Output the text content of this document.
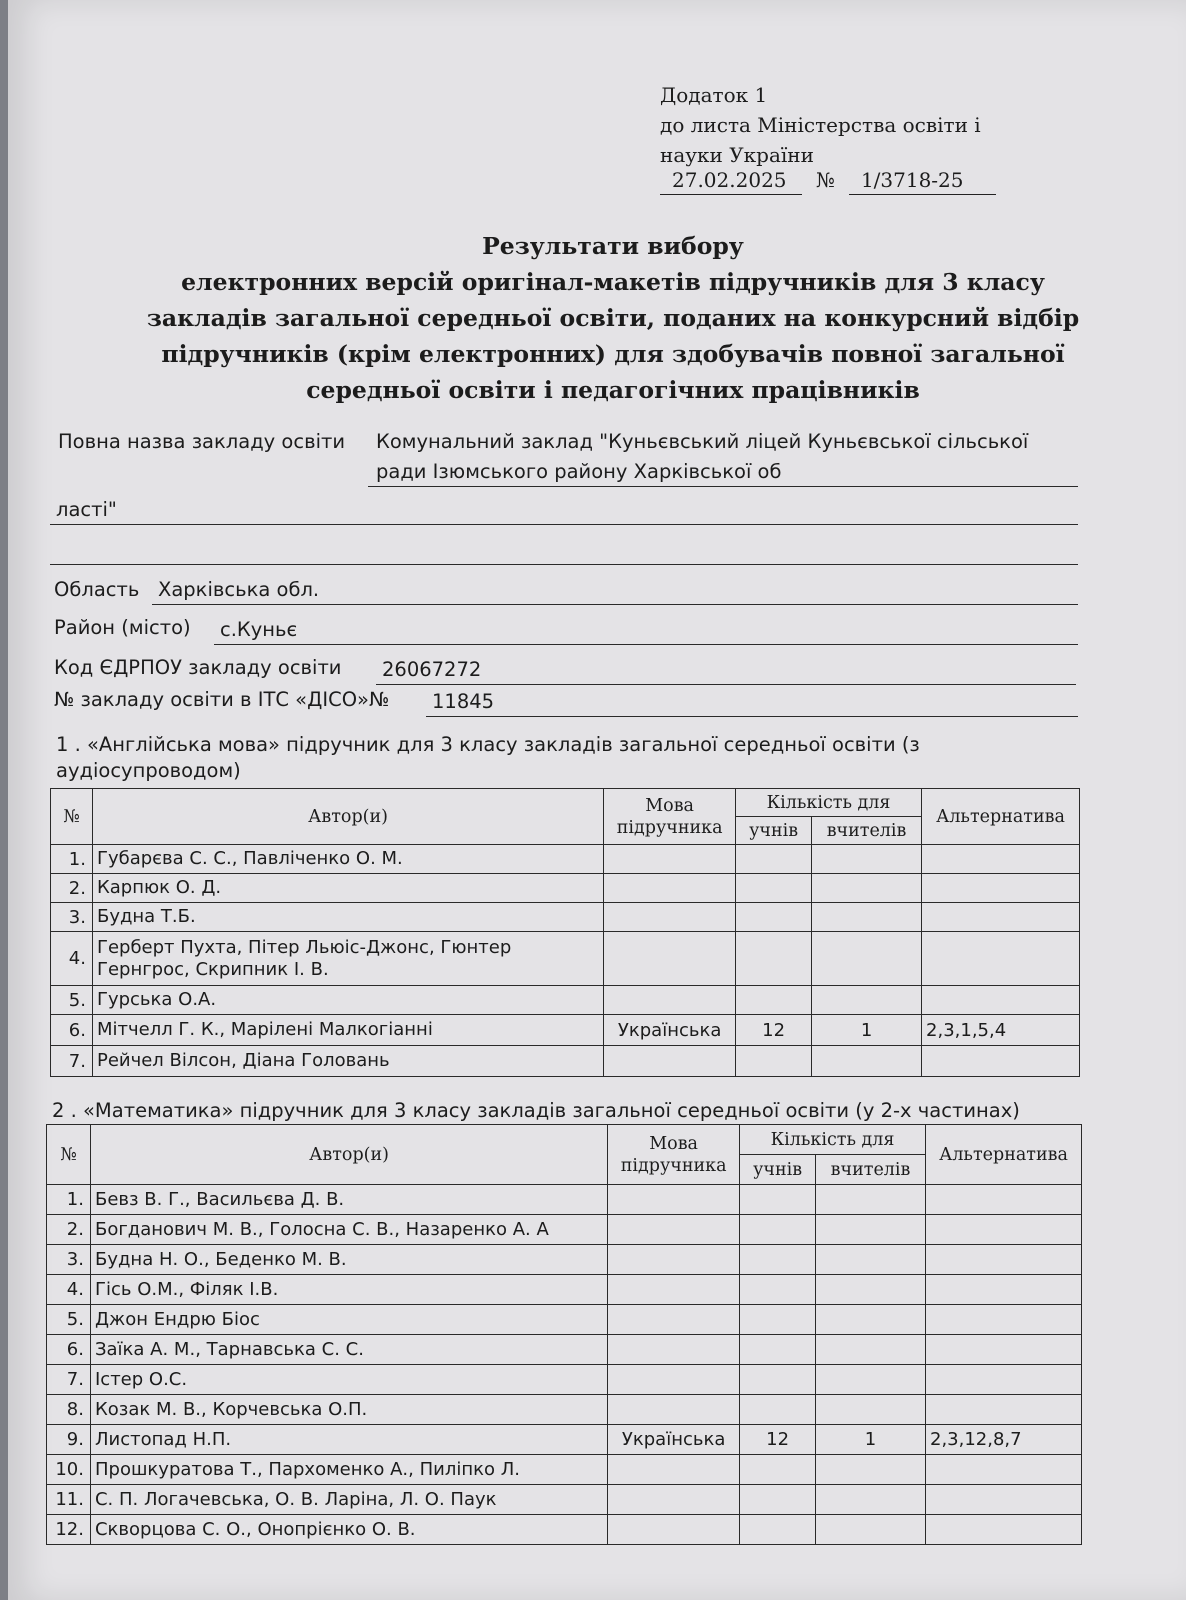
Додаток 1
до листа Міністерства освіти і
науки України
27.02.2025 № 1/3718-25
Результати вибору
електронних версій оригінал-макетів підручників для 3 класу
закладів загальної середньої освіти, поданих на конкурсний відбір
підручників (крім електронних) для здобувачів повної загальної
середньої освіти і педагогічних працівників
Повна назва закладу освіти Комунальний заклад "Куньєвський ліцей Куньєвської сільської
ради Ізюмського району Харківської об
ласті"
Область Харківська обл.
Район (місто) с.Куньє
Код ЄДРПОУ закладу освіти 26067272
№ закладу освіти в ІТС «ДІСО»№ 11845
1 . «Англійська мова» підручник для 3 класу закладів загальної середньої освіти (з
аудіосупроводом)
№	Автор(и)	Мова підручника	Кількість для		Альтернатива
			учнів	вчителів	
1.	Губарєва С. С., Павліченко О. М.				
2.	Карпюк О. Д.				
3.	Будна Т.Б.				
4.	Герберт Пухта, Пітер Льюіс-Джонс, Гюнтер Гернгрос, Скрипник І. В.				
5.	Гурська О.А.				
6.	Мітчелл Г. К., Марілені Малкогіанні	Українська	12	1	2,3,1,5,4
7.	Рейчел Вілсон, Діана Головань				
2 . «Математика» підручник для 3 класу закладів загальної середньої освіти (у 2-х частинах)
№	Автор(и)	Мова підручника	Кількість для		Альтернатива
			учнів	вчителів	
1.	Бевз В. Г., Васильєва Д. В.				
2.	Богданович М. В., Голосна С. В., Назаренко А. А				
3.	Будна Н. О., Беденко М. В.				
4.	Гісь О.М., Філяк І.В.				
5.	Джон Ендрю Біос				
6.	Заїка А. М., Тарнавська С. С.				
7.	Істер О.С.				
8.	Козак М. В., Корчевська О.П.				
9.	Листопад Н.П.	Українська	12	1	2,3,12,8,7
10.	Прошкуратова Т., Пархоменко А., Пиліпко Л.				
11.	С. П. Логачевська, О. В. Ларіна, Л. О. Паук				
12.	Скворцова С. О., Онопрієнко О. В.				
